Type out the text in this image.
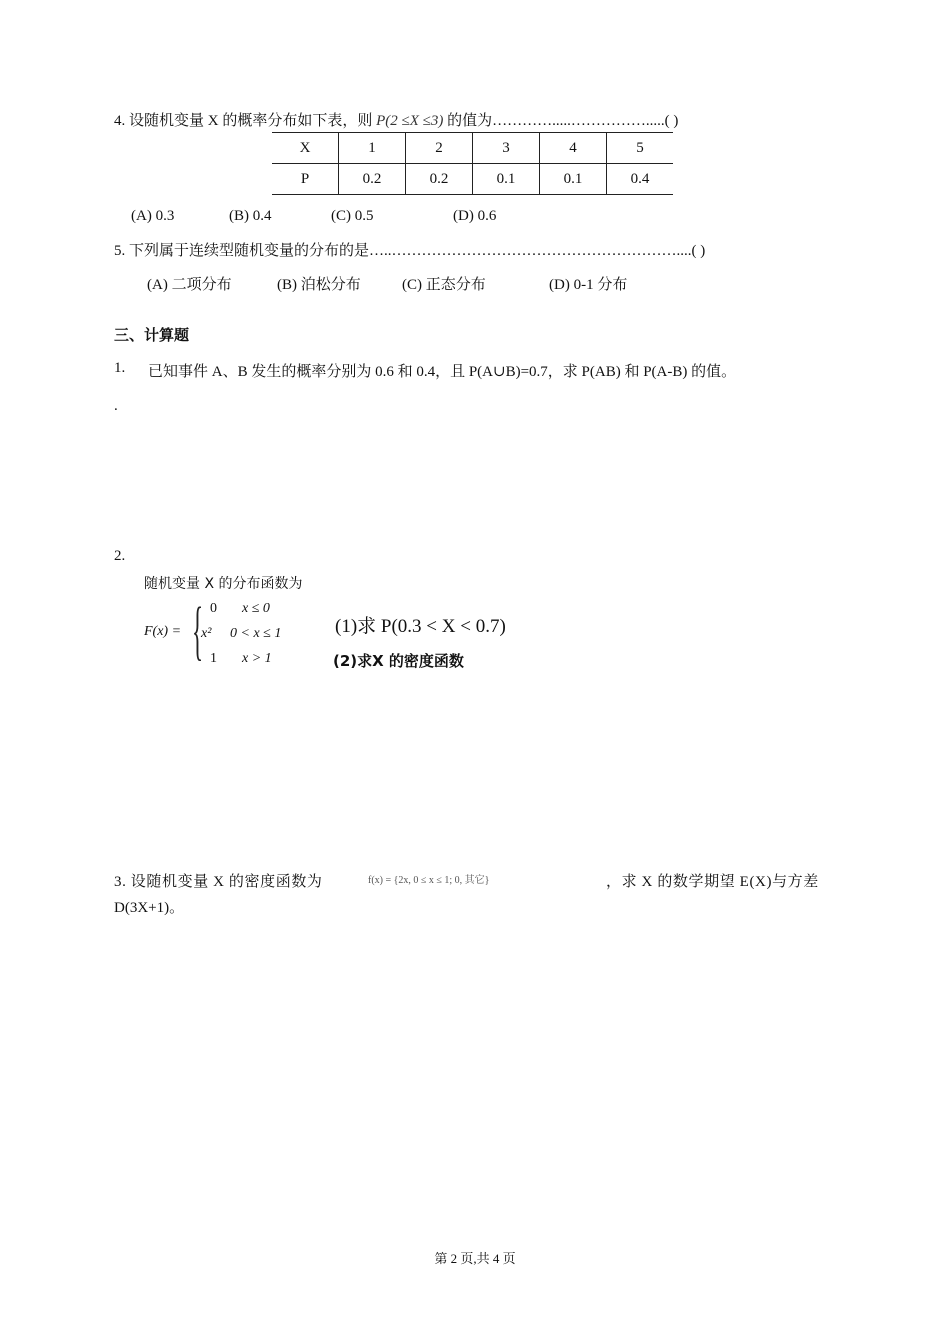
4. 设随机变量 X 的概率分布如下表，则 P(2 ≤X ≤3) 的值为………….....…………….....( )
X	1	2	3	4	5
P	0.2	0.2	0.1	0.1	0.4
(A) 0.3	(B) 0.4	(C) 0.5	(D) 0.6
5. 下列属于连续型随机变量的分布的是…..…………………………………………………....( )
(A) 二项分布	(B) 泊松分布	(C) 正态分布	(D) 0-1 分布
三、计算题
1. 已知事件 A、B 发生的概率分别为 0.6 和 0.4，且 P(A∪B)=0.7，求 P(AB) 和 P(A-B) 的值。
.
2.
随机变量 X 的分布函数为
F(x) = { 0 x ≤ 0
x² 0 < x ≤ 1
1 x > 1
(1)求 P(0.3 < X < 0.7)
(2)求X 的密度函数
3. 设随机变量 X 的密度函数为	f(x) = {2x, 0 ≤ x ≤ 1; 0, 其它}	，求 X 的数学期望 E(X)与方差
D(3X+1)。
第 2 页,共 4 页
